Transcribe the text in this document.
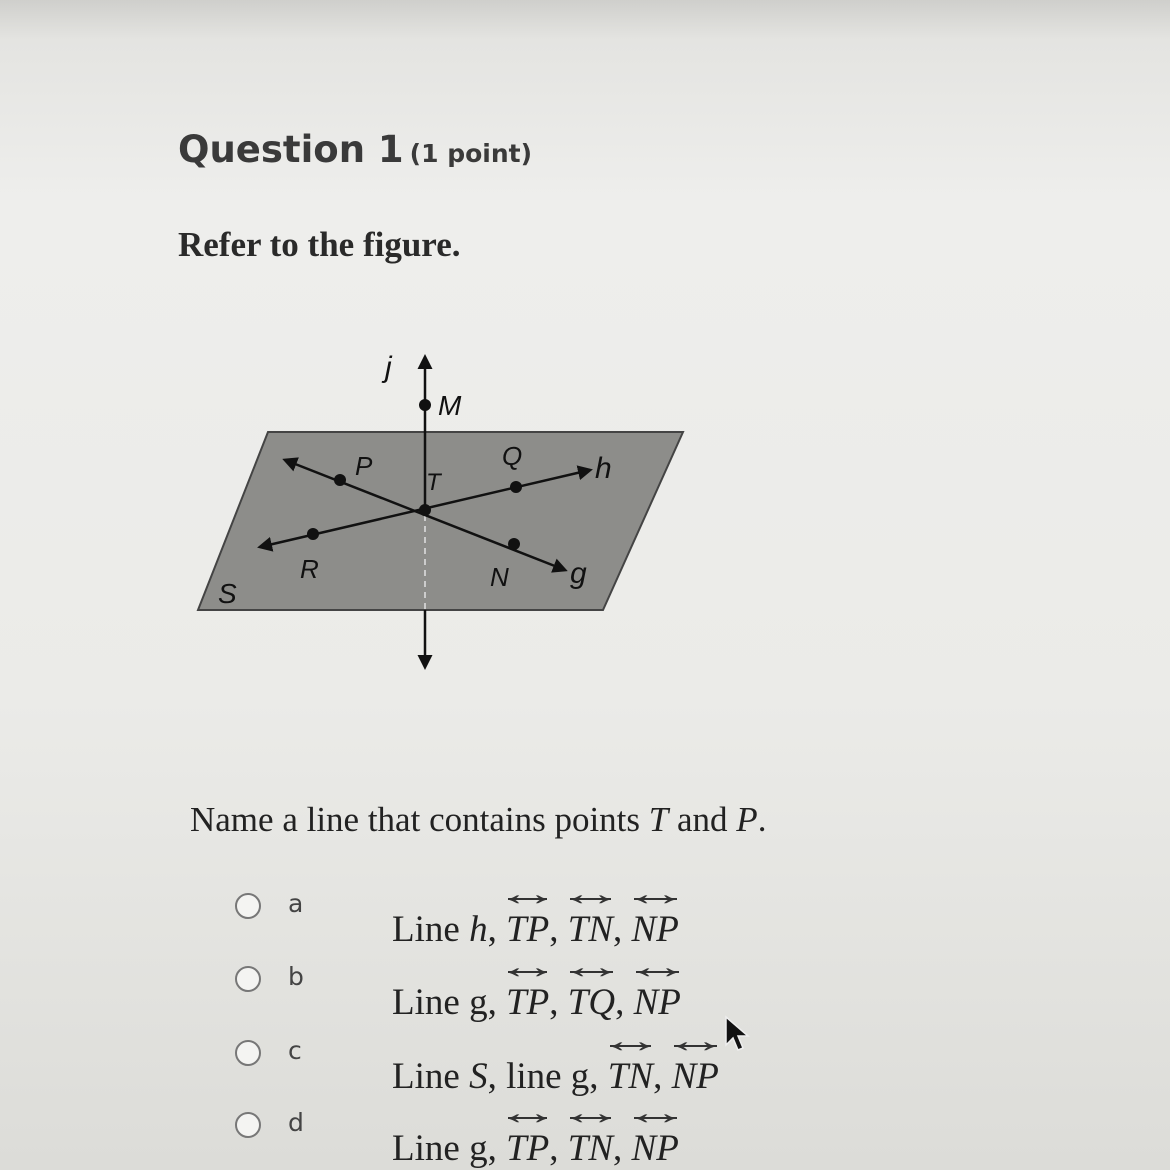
Question 1 (1 point)
Refer to the figure.
j
M
P
T
Q h
R	N g
S
Name a line that contains points T and P.
a
Line h, TP ↔, TN ↔, NP ↔
b
Line g, TP ↔, TQ ↔, NP ↔
c
Line S, line g, TN ↔, NP ↔
d
Line g, TP ↔, TN ↔, NP ↔
